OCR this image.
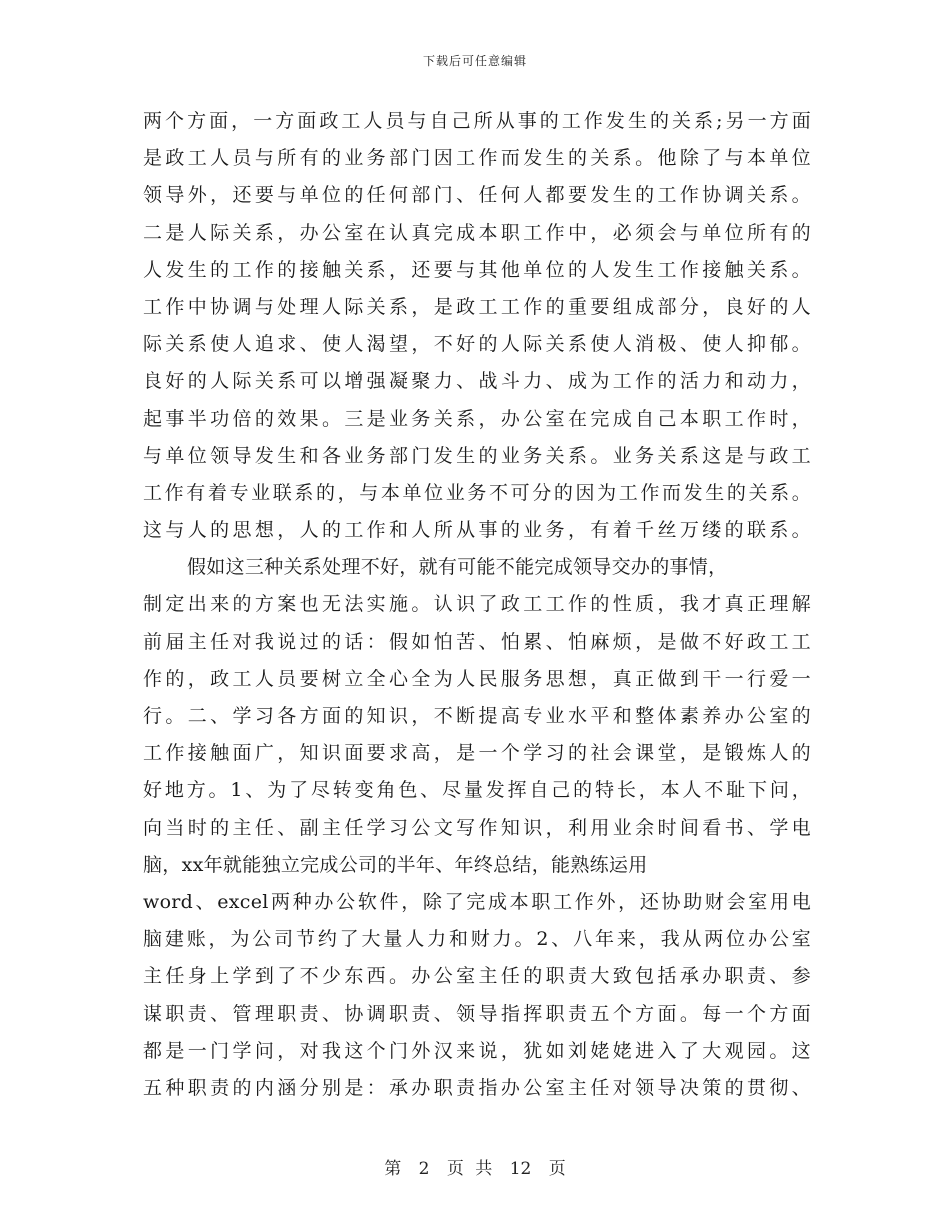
下载后可任意编辑
两个方面，一方面政工人员与自己所从事的工作发生的关系;另一方面
是政工人员与所有的业务部门因工作而发生的关系。他除了与本单位
领导外，还要与单位的任何部门、任何人都要发生的工作协调关系。
二是人际关系，办公室在认真完成本职工作中，必须会与单位所有的
人发生的工作的接触关系，还要与其他单位的人发生工作接触关系。
工作中协调与处理人际关系，是政工工作的重要组成部分，良好的人
际关系使人追求、使人渴望，不好的人际关系使人消极、使人抑郁。
良好的人际关系可以增强凝聚力、战斗力、成为工作的活力和动力，
起事半功倍的效果。三是业务关系，办公室在完成自己本职工作时，
与单位领导发生和各业务部门发生的业务关系。业务关系这是与政工
工作有着专业联系的，与本单位业务不可分的因为工作而发生的关系。
这与人的思想，人的工作和人所从事的业务，有着千丝万缕的联系。
假如这三种关系处理不好，就有可能不能完成领导交办的事情，
制定出来的方案也无法实施。认识了政工工作的性质，我才真正理解
前届主任对我说过的话：假如怕苦、怕累、怕麻烦，是做不好政工工
作的，政工人员要树立全心全为人民服务思想，真正做到干一行爱一
行。二、学习各方面的知识，不断提高专业水平和整体素养办公室的
工作接触面广，知识面要求高，是一个学习的社会课堂，是锻炼人的
好地方。1、为了尽转变角色、尽量发挥自己的特长，本人不耻下问，
向当时的主任、副主任学习公文写作知识，利用业余时间看书、学电
脑，xx年就能独立完成公司的半年、年终总结，能熟练运用
word、excel两种办公软件，除了完成本职工作外，还协助财会室用电
脑建账，为公司节约了大量人力和财力。2、八年来，我从两位办公室
主任身上学到了不少东西。办公室主任的职责大致包括承办职责、参
谋职责、管理职责、协调职责、领导指挥职责五个方面。每一个方面
都是一门学问，对我这个门外汉来说，犹如刘姥姥进入了大观园。这
五种职责的内涵分别是：承办职责指办公室主任对领导决策的贯彻、
第 2 页 共 12 页
